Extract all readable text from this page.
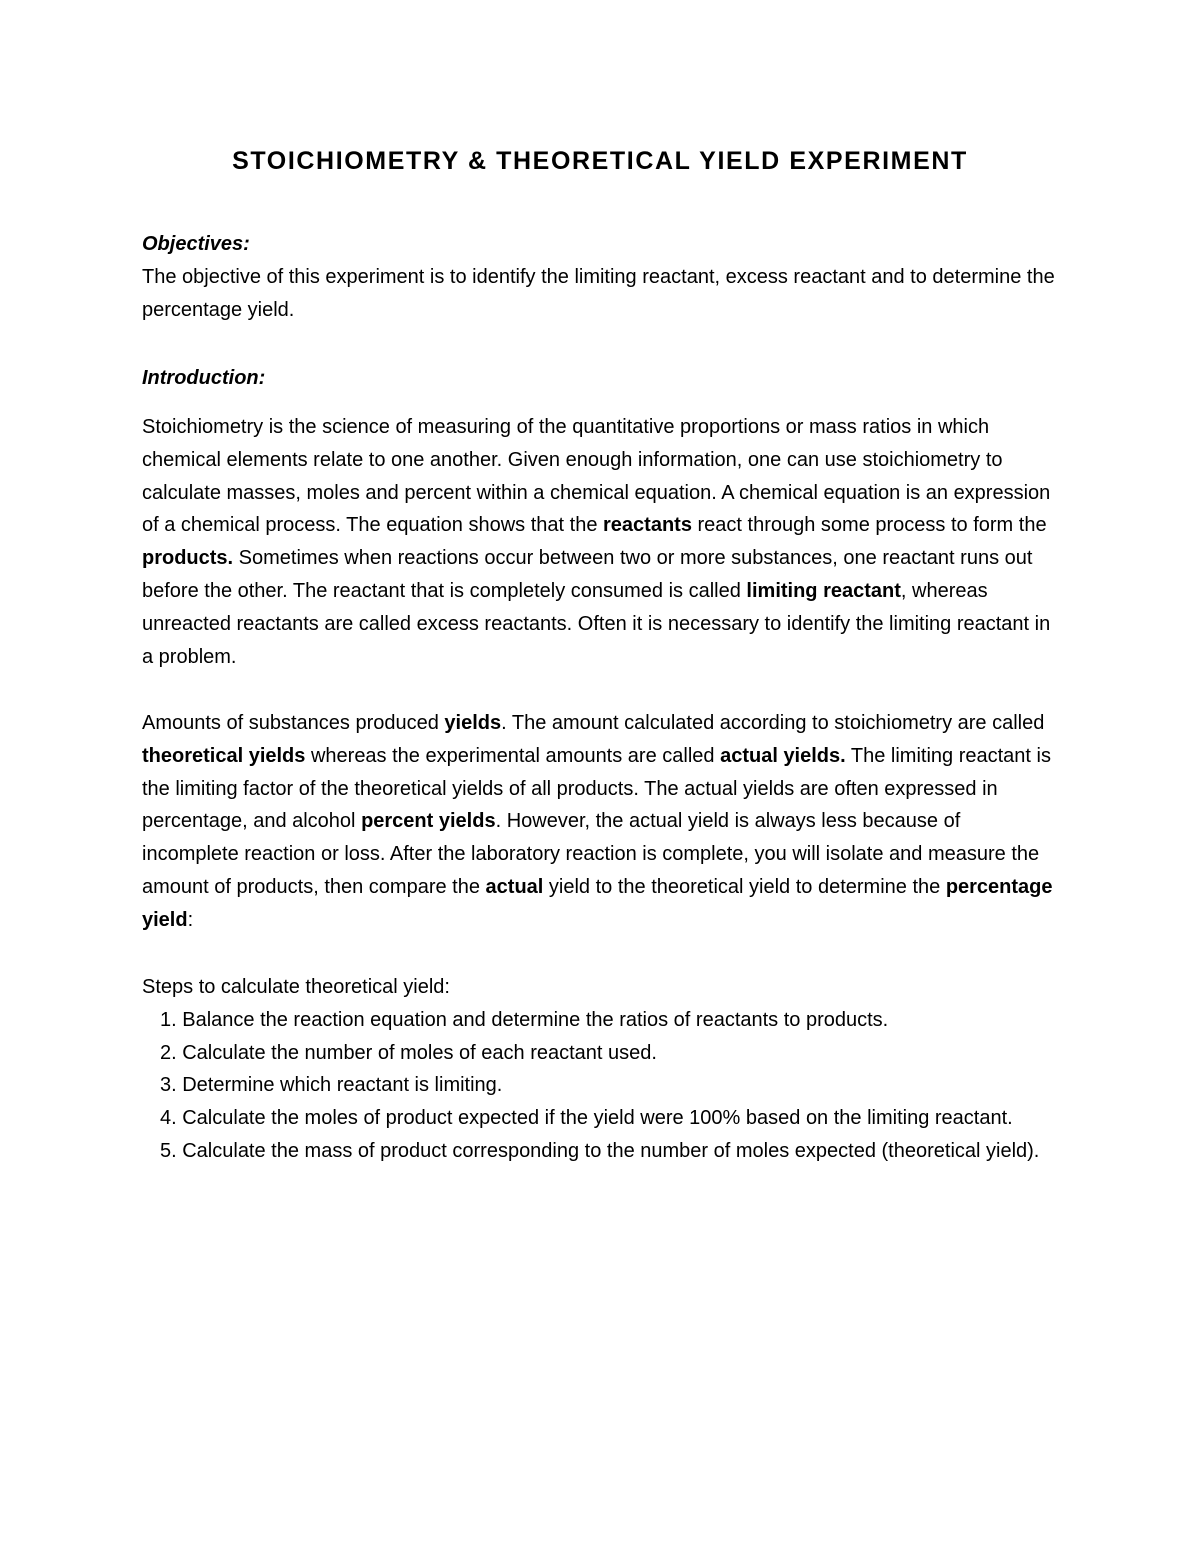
STOICHIOMETRY & THEORETICAL YIELD EXPERIMENT
Objectives:
The objective of this experiment is to identify the limiting reactant, excess reactant and to determine the percentage yield.
Introduction:

Stoichiometry is the science of measuring of the quantitative proportions or mass ratios in which chemical elements relate to one another. Given enough information, one can use stoichiometry to calculate masses, moles and percent within a chemical equation. A chemical equation is an expression of a chemical process. The equation shows that the reactants react through some process to form the products. Sometimes when reactions occur between two or more substances, one reactant runs out before the other. The reactant that is completely consumed is called limiting reactant, whereas unreacted reactants are called excess reactants. Often it is necessary to identify the limiting reactant in a problem.

Amounts of substances produced yields. The amount calculated according to stoichiometry are called theoretical yields whereas the experimental amounts are called actual yields. The limiting reactant is the limiting factor of the theoretical yields of all products. The actual yields are often expressed in percentage, and alcohol percent yields. However, the actual yield is always less because of incomplete reaction or loss. After the laboratory reaction is complete, you will isolate and measure the amount of products, then compare the actual yield to the theoretical yield to determine the percentage yield:

Steps to calculate theoretical yield:
1. Balance the reaction equation and determine the ratios of reactants to products.
2. Calculate the number of moles of each reactant used.
3. Determine which reactant is limiting.
4. Calculate the moles of product expected if the yield were 100% based on the limiting reactant.
5. Calculate the mass of product corresponding to the number of moles expected (theoretical yield).
